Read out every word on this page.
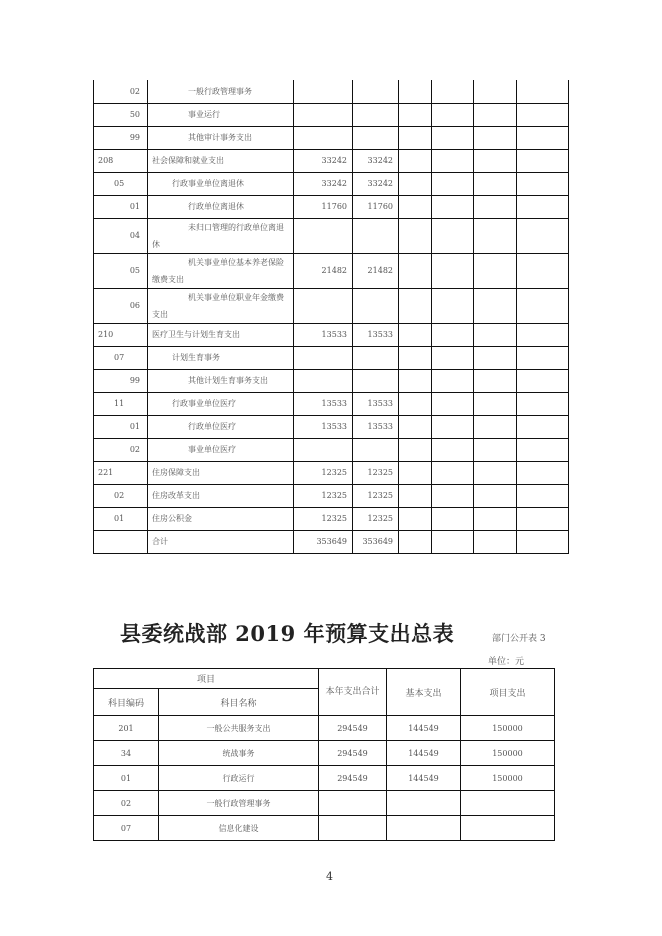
02	一般行政管理事务						
50	事业运行						
99	其他审计事务支出						
208	社会保障和就业支出	33242	33242				
05	行政事业单位离退休	33242	33242				
01	行政单位离退休	11760	11760				
04	未归口管理的行政单位离退
休						

05	机关事业单位基本养老保险
缴费支出	21482	21482				
06	机关事业单位职业年金缴费
支出						

210	医疗卫生与计划生育支出	13533	13533				
07	计划生育事务						
99	其他计划生育事务支出						
11	行政事业单位医疗	13533	13533				
01	行政单位医疗	13533	13533				
02	事业单位医疗						
221	住房保障支出	12325	12325				
02	住房改革支出	12325	12325				
01	住房公积金	12325	12325				
	合计	353649	353649				
县委统战部 2019 年预算支出总表	部门公开表 3
单位：元
项目		本年支出合计	基本支出	项目支出
科目编码	科目名称			
201	一般公共服务支出	294549	144549	150000
34	统战事务	294549	144549	150000
01	行政运行	294549	144549	150000
02	一般行政管理事务			
07	信息化建设			
4
